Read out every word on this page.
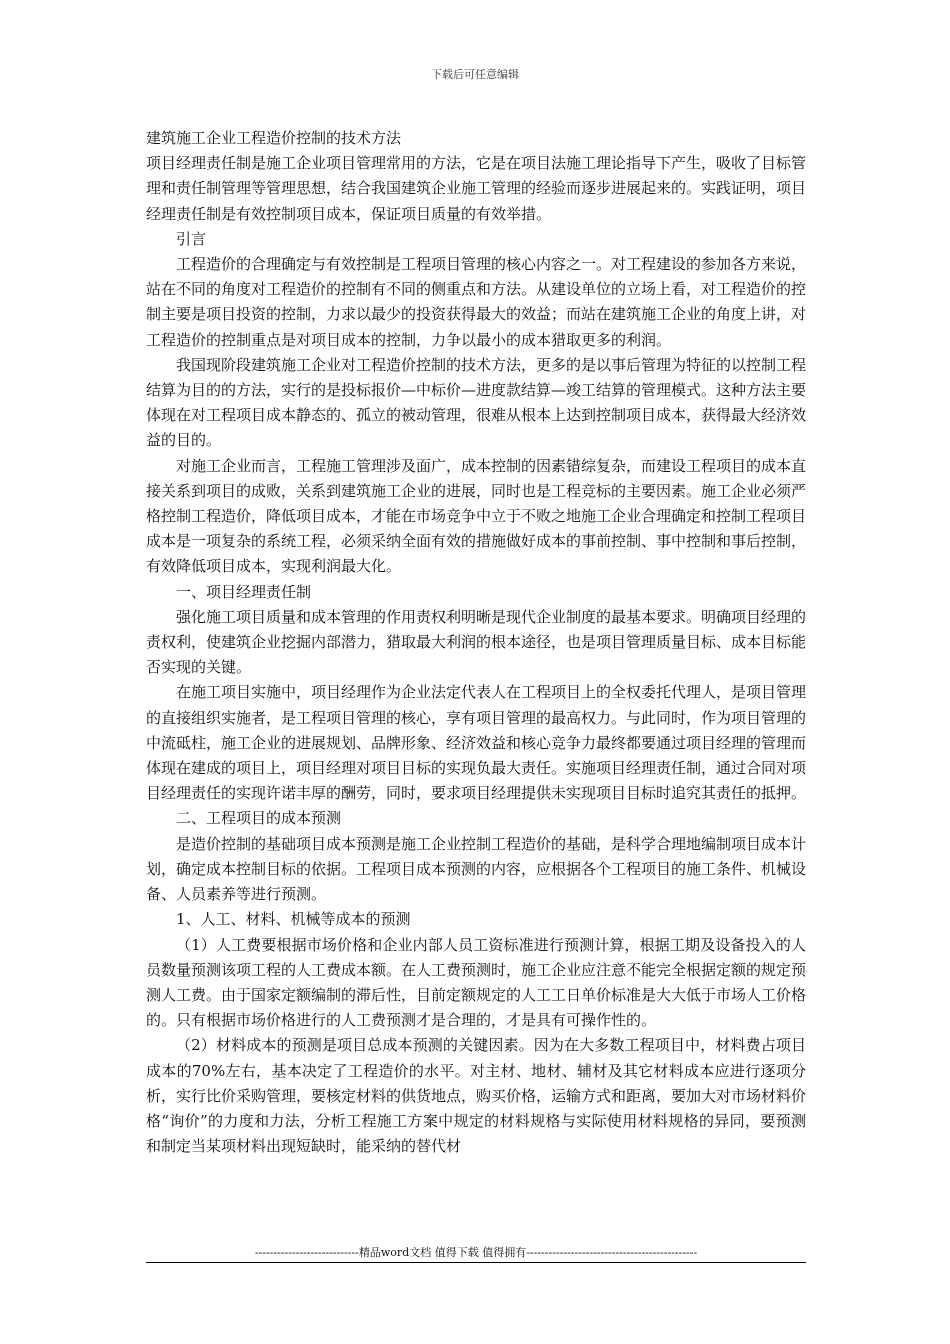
下载后可任意编辑

建筑施工企业工程造价控制的技术方法

项目经理责任制是施工企业项目管理常用的方法，它是在项目法施工理论指导下产生，吸收了目标管理和责任制管理等管理思想，结合我国建筑企业施工管理的经验而逐步进展起来的。实践证明，项目经理责任制是有效控制项目成本，保证项目质量的有效举措。

引言

工程造价的合理确定与有效控制是工程项目管理的核心内容之一。对工程建设的参加各方来说，站在不同的角度对工程造价的控制有不同的侧重点和方法。从建设单位的立场上看，对工程造价的控制主要是项目投资的控制，力求以最少的投资获得最大的效益；而站在建筑施工企业的角度上讲，对工程造价的控制重点是对项目成本的控制，力争以最小的成本猎取更多的利润。

我国现阶段建筑施工企业对工程造价控制的技术方法，更多的是以事后管理为特征的以控制工程结算为目的的方法，实行的是投标报价—中标价—进度款结算—竣工结算的管理模式。这种方法主要体现在对工程项目成本静态的、孤立的被动管理，很难从根本上达到控制项目成本，获得最大经济效益的目的。

对施工企业而言，工程施工管理涉及面广，成本控制的因素错综复杂，而建设工程项目的成本直接关系到项目的成败，关系到建筑施工企业的进展，同时也是工程竞标的主要因素。施工企业必须严格控制工程造价，降低项目成本，才能在市场竞争中立于不败之地施工企业合理确定和控制工程项目成本是一项复杂的系统工程，必须采纳全面有效的措施做好成本的事前控制、事中控制和事后控制，有效降低项目成本，实现利润最大化。

一、项目经理责任制

强化施工项目质量和成本管理的作用责权利明晰是现代企业制度的最基本要求。明确项目经理的责权利，使建筑企业挖掘内部潜力，猎取最大利润的根本途径，也是项目管理质量目标、成本目标能否实现的关键。

在施工项目实施中，项目经理作为企业法定代表人在工程项目上的全权委托代理人，是项目管理的直接组织实施者，是工程项目管理的核心，享有项目管理的最高权力。与此同时，作为项目管理的中流砥柱，施工企业的进展规划、品牌形象、经济效益和核心竞争力最终都要通过项目经理的管理而体现在建成的项目上，项目经理对项目目标的实现负最大责任。实施项目经理责任制，通过合同对项目经理责任的实现许诺丰厚的酬劳，同时，要求项目经理提供未实现项目目标时追究其责任的抵押。

二、工程项目的成本预测

是造价控制的基础项目成本预测是施工企业控制工程造价的基础，是科学合理地编制项目成本计划，确定成本控制目标的依据。工程项目成本预测的内容，应根据各个工程项目的施工条件、机械设备、人员素养等进行预测。

1、人工、材料、机械等成本的预测

（1）人工费要根据市场价格和企业内部人员工资标准进行预测计算，根据工期及设备投入的人员数量预测该项工程的人工费成本额。在人工费预测时，施工企业应注意不能完全根据定额的规定预测人工费。由于国家定额编制的滞后性，目前定额规定的人工工日单价标准是大大低于市场人工价格的。只有根据市场价格进行的人工费预测才是合理的，才是具有可操作性的。

（2）材料成本的预测是项目总成本预测的关键因素。因为在大多数工程项目中，材料费占项目成本的70%左右，基本决定了工程造价的水平。对主材、地材、辅材及其它材料成本应进行逐项分析，实行比价采购管理，要核定材料的供货地点，购买价格，运输方式和距离，要加大对市场材料价格“询价”的力度和力法，分析工程施工方案中规定的材料规格与实际使用材料规格的异同，要预测和制定当某项材料出现短缺时，能采纳的替代材

----------------------------精品word文档 值得下载 值得拥有----------------------------------------------
